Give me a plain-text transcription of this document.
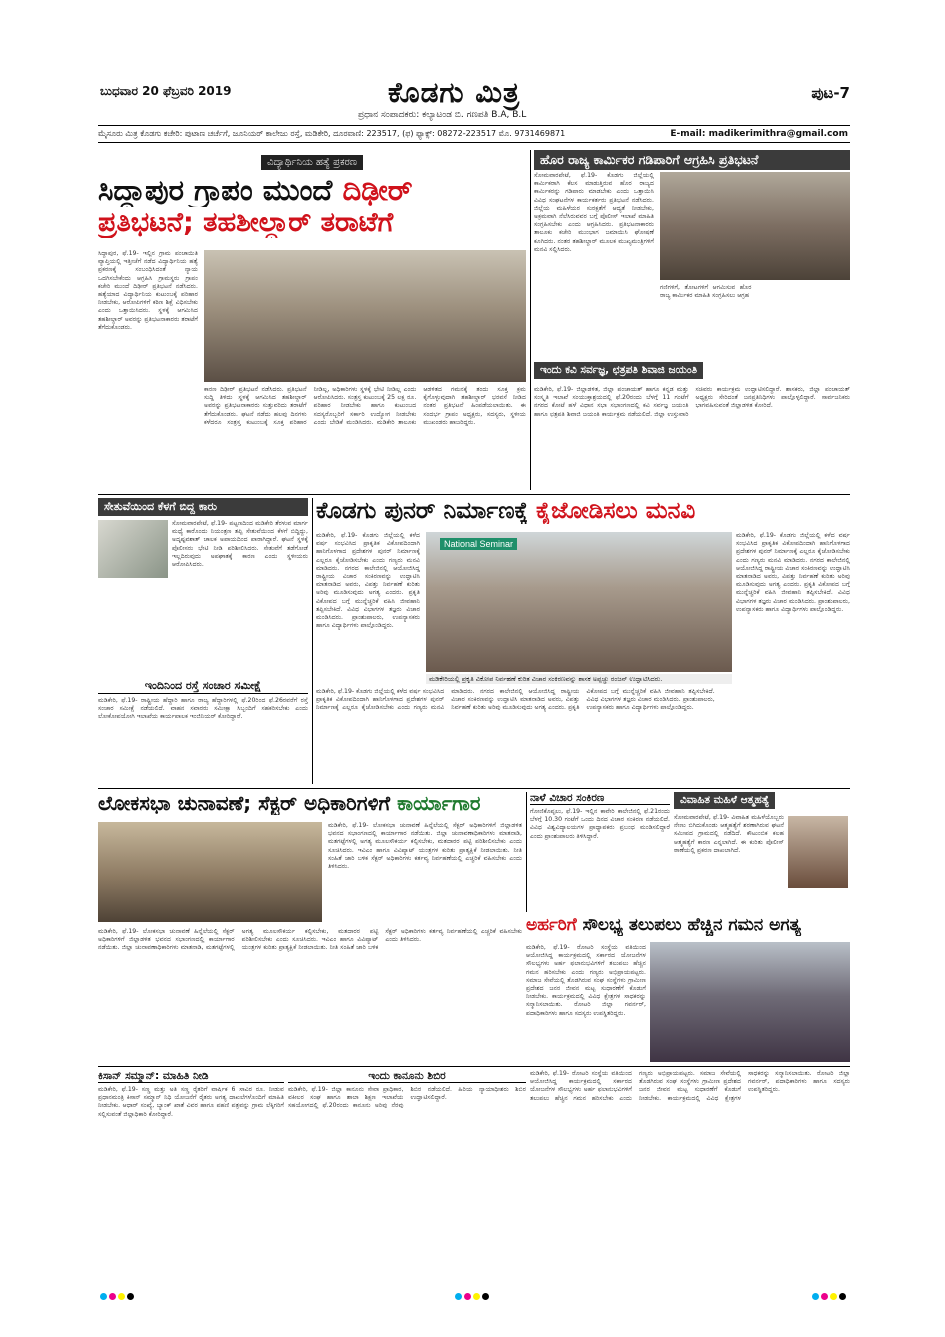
ಬುಧವಾರ 20 ಫೆಬ್ರವರಿ 2019	ಕೊಡಗು ಮಿತ್ರ
ಪ್ರಧಾನ ಸಂಪಾದಕರು: ಕಲ್ಯಾಟಂಡ ಬಿ. ಗಣಪತಿ B.A, B.L
ಪುಟ-7
ಮೈಸೂರು ಮಿತ್ರ ಕೊಡಗು ಕಚೇರಿ: ಪುಟಾಣ ಚರ್ಚೆಗೆ, ಜೂನಿಯರ್ ಕಾಲೇಜು ರಸ್ತೆ, ಮಡಿಕೇರಿ, ದೂರವಾಣಿ: 223517, (ಫ) ಫ್ಯಾಕ್ಸ್: 08272-223517 ಮೊ. 9731469871	E-mail: madikerimithra@gmail.com
ವಿದ್ಯಾರ್ಥಿನಿಯ ಹತ್ಯೆ ಪ್ರಕರಣ
ಸಿದ್ದಾಪುರ ಗ್ರಾಪಂ ಮುಂದೆ ದಿಢೀರ್
ಪ್ರತಿಭಟನೆ; ತಹಶೀಲ್ದಾರ್ ತರಾಟೆಗೆ
ಸಿದ್ದಾಪುರ, ಫೆ.19- ಇಲ್ಲಿನ ಗ್ರಾಮ ಪಂಚಾಯಿತಿ ವ್ಯಾಪ್ತಿಯಲ್ಲಿ ಇತ್ತೀಚೆಗೆ ನಡೆದ ವಿದ್ಯಾರ್ಥಿನಿಯ ಹತ್ಯೆ ಪ್ರಕರಣಕ್ಕೆ ಸಂಬಂಧಿಸಿದಂತೆ ನ್ಯಾಯ ಒದಗಿಸಬೇಕೆಂದು ಆಗ್ರಹಿಸಿ ಗ್ರಾಮಸ್ಥರು ಗ್ರಾಪಂ ಕಚೇರಿ ಮುಂದೆ ದಿಢೀರ್ ಪ್ರತಿಭಟನೆ ನಡೆಸಿದರು. ಹತ್ಯೆಯಾದ ವಿದ್ಯಾರ್ಥಿನಿಯ ಕುಟುಂಬಕ್ಕೆ ಪರಿಹಾರ ನೀಡಬೇಕು, ಆರೋಪಿಗಳಿಗೆ ಕಠಿಣ ಶಿಕ್ಷೆ ವಿಧಿಸಬೇಕು ಎಂದು ಒತ್ತಾಯಿಸಿದರು. ಸ್ಥಳಕ್ಕೆ ಆಗಮಿಸಿದ ತಹಶೀಲ್ದಾರ್ ಅವರನ್ನು ಪ್ರತಿಭಟನಾಕಾರರು ತರಾಟೆಗೆ ತೆಗೆದುಕೊಂಡರು.
ಕಾರಣ ದಿಢೀರ್ ಪ್ರತಿಭಟನೆ ನಡೆಸಿದರು. ಪ್ರತಿಭಟನೆ ಸುದ್ದಿ ತಿಳಿದು ಸ್ಥಳಕ್ಕೆ ಆಗಮಿಸಿದ ತಹಶೀಲ್ದಾರ್ ಅವರನ್ನು ಪ್ರತಿಭಟನಾಕಾರರು ಸುತ್ತುವರಿದು ತರಾಟೆಗೆ ತೆಗೆದುಕೊಂಡರು. ಘಟನೆ ನಡೆದು ಹಲವು ದಿನಗಳು ಕಳೆದರೂ ಸಂತ್ರಸ್ತ ಕುಟುಂಬಕ್ಕೆ ಸೂಕ್ತ ಪರಿಹಾರ ನೀಡಿಲ್ಲ, ಅಧಿಕಾರಿಗಳು ಸ್ಥಳಕ್ಕೆ ಭೇಟಿ ನೀಡಿಲ್ಲ ಎಂದು ಆರೋಪಿಸಿದರು. ಸಂತ್ರಸ್ತ ಕುಟುಂಬಕ್ಕೆ 25 ಲಕ್ಷ ರೂ. ಪರಿಹಾರ ನೀಡಬೇಕು ಹಾಗೂ ಕುಟುಂಬದ ಸದಸ್ಯರೊಬ್ಬರಿಗೆ ಸರ್ಕಾರಿ ಉದ್ಯೋಗ ನೀಡಬೇಕು ಎಂದು ಬೇಡಿಕೆ ಮಂಡಿಸಿದರು. ಮಡಿಕೇರಿ ತಾಲೂಕು ಆಡಳಿತದ ಗಮನಕ್ಕೆ ತಂದು ಸೂಕ್ತ ಕ್ರಮ ಕೈಗೊಳ್ಳುವುದಾಗಿ ತಹಶೀಲ್ದಾರ್ ಭರವಸೆ ನೀಡಿದ ನಂತರ ಪ್ರತಿಭಟನೆ ಹಿಂಪಡೆಯಲಾಯಿತು. ಈ ಸಂದರ್ಭ ಗ್ರಾಪಂ ಅಧ್ಯಕ್ಷರು, ಸದಸ್ಯರು, ಸ್ಥಳೀಯ ಮುಖಂಡರು ಹಾಜರಿದ್ದರು.
ಹೊರ ರಾಜ್ಯ ಕಾರ್ಮಿಕರ ಗಡಿಪಾರಿಗೆ ಆಗ್ರಹಿಸಿ ಪ್ರತಿಭಟನೆ
ಸೋಮವಾರಪೇಟೆ, ಫೆ.19- ಕೊಡಗು ಜಿಲ್ಲೆಯಲ್ಲಿ ಕಾರ್ಮಿಕರಾಗಿ ಕೆಲಸ ಮಾಡುತ್ತಿರುವ ಹೊರ ರಾಜ್ಯದ ಕಾರ್ಮಿಕರನ್ನು ಗಡಿಪಾರು ಮಾಡಬೇಕು ಎಂದು ಒತ್ತಾಯಿಸಿ ವಿವಿಧ ಸಂಘಟನೆಗಳ ಕಾರ್ಯಕರ್ತರು ಪ್ರತಿಭಟನೆ ನಡೆಸಿದರು. ಜಿಲ್ಲೆಯ ಮಹಿಳೆಯರ ಸುರಕ್ಷತೆಗೆ ಆದ್ಯತೆ ನೀಡಬೇಕು, ಅಕ್ರಮವಾಗಿ ನೆಲೆಸಿರುವವರ ಬಗ್ಗೆ ಪೊಲೀಸ್ ಇಲಾಖೆ ಮಾಹಿತಿ ಸಂಗ್ರಹಿಸಬೇಕು ಎಂದು ಆಗ್ರಹಿಸಿದರು. ಪ್ರತಿಭಟನಾಕಾರರು ತಾಲೂಕು ಕಚೇರಿ ಮುಂಭಾಗ ಜಮಾಯಿಸಿ ಘೋಷಣೆ ಕೂಗಿದರು. ನಂತರ ತಹಶೀಲ್ದಾರ್ ಮೂಲಕ ಮುಖ್ಯಮಂತ್ರಿಗಳಿಗೆ ಮನವಿ ಸಲ್ಲಿಸಿದರು.
ಗಣಿಗಳಿಗೆ, ತೋಟಗಳಿಗೆ ಆಗಮಿಸುವ ಹೊರ ರಾಜ್ಯ ಕಾರ್ಮಿಕರ ಮಾಹಿತಿ ಸಂಗ್ರಹಿಸಲು ಆಗ್ರಹ
ಇಂದು ಕವಿ ಸರ್ವಜ್ಞ, ಛತ್ರಪತಿ ಶಿವಾಜಿ ಜಯಂತಿ
ಮಡಿಕೇರಿ, ಫೆ.19- ಜಿಲ್ಲಾಡಳಿತ, ಜಿಲ್ಲಾ ಪಂಚಾಯತ್ ಹಾಗೂ ಕನ್ನಡ ಮತ್ತು ಸಂಸ್ಕೃತಿ ಇಲಾಖೆ ಸಂಯುಕ್ತಾಶ್ರಯದಲ್ಲಿ ಫೆ.20ರಂದು ಬೆಳಗ್ಗೆ 11 ಗಂಟೆಗೆ ನಗರದ ಕೋಟೆ ಹಳೆ ವಿಧಾನ ಸಭಾ ಸಭಾಂಗಣದಲ್ಲಿ ಕವಿ ಸರ್ವಜ್ಞ ಜಯಂತಿ ಹಾಗೂ ಛತ್ರಪತಿ ಶಿವಾಜಿ ಜಯಂತಿ ಕಾರ್ಯಕ್ರಮ ನಡೆಯಲಿದೆ. ಜಿಲ್ಲಾ ಉಸ್ತುವಾರಿ ಸಚಿವರು ಕಾರ್ಯಕ್ರಮ ಉದ್ಘಾಟಿಸಲಿದ್ದಾರೆ. ಶಾಸಕರು, ಜಿಲ್ಲಾ ಪಂಚಾಯತ್ ಅಧ್ಯಕ್ಷರು ಸೇರಿದಂತೆ ಜನಪ್ರತಿನಿಧಿಗಳು ಪಾಲ್ಗೊಳ್ಳಲಿದ್ದಾರೆ. ಸಾರ್ವಜನಿಕರು ಭಾಗವಹಿಸುವಂತೆ ಜಿಲ್ಲಾಡಳಿತ ಕೋರಿದೆ.
ಸೇತುವೆಯಿಂದ ಕೆಳಗೆ ಬಿದ್ದ ಕಾರು
ಸೋಮವಾರಪೇಟೆ, ಫೆ.19- ಪಟ್ಟಣದಿಂದ ಮಡಿಕೇರಿ ತೆರಳುವ ಮಾರ್ಗ ಮಧ್ಯೆ ಕಾರೊಂದು ನಿಯಂತ್ರಣ ತಪ್ಪಿ ಸೇತುವೆಯಿಂದ ಕೆಳಗೆ ಬಿದ್ದಿದ್ದು, ಅದೃಷ್ಟವಶಾತ್ ಚಾಲಕ ಅಪಾಯದಿಂದ ಪಾರಾಗಿದ್ದಾರೆ. ಘಟನೆ ಸ್ಥಳಕ್ಕೆ ಪೊಲೀಸರು ಭೇಟಿ ನೀಡಿ ಪರಿಶೀಲಿಸಿದರು. ಸೇತುವೆಗೆ ತಡೆಗೋಡೆ ಇಲ್ಲದಿರುವುದು ಅಪಘಾತಕ್ಕೆ ಕಾರಣ ಎಂದು ಸ್ಥಳೀಯರು ಆರೋಪಿಸಿದರು.
ಇಂದಿನಿಂದ ರಸ್ತೆ ಸಂಚಾರ ಸಮೀಕ್ಷೆ
ಮಡಿಕೇರಿ, ಫೆ.19- ರಾಷ್ಟ್ರೀಯ ಹೆದ್ದಾರಿ ಹಾಗೂ ರಾಜ್ಯ ಹೆದ್ದಾರಿಗಳಲ್ಲಿ ಫೆ.20ರಿಂದ ಫೆ.26ರವರೆಗೆ ರಸ್ತೆ ಸಂಚಾರ ಸಮೀಕ್ಷೆ ನಡೆಯಲಿದೆ. ವಾಹನ ಸವಾರರು ಸಮೀಕ್ಷಾ ಸಿಬ್ಬಂದಿಗೆ ಸಹಕರಿಸಬೇಕು ಎಂದು ಲೋಕೋಪಯೋಗಿ ಇಲಾಖೆಯ ಕಾರ್ಯಪಾಲಕ ಇಂಜಿನಿಯರ್ ಕೋರಿದ್ದಾರೆ.
ಕೊಡಗು ಪುನರ್ ನಿರ್ಮಾಣಕ್ಕೆ ಕೈಜೋಡಿಸಲು ಮನವಿ
ಮಡಿಕೇರಿ, ಫೆ.19- ಕೊಡಗು ಜಿಲ್ಲೆಯಲ್ಲಿ ಕಳೆದ ವರ್ಷ ಸಂಭವಿಸಿದ ಪ್ರಾಕೃತಿಕ ವಿಕೋಪದಿಂದಾಗಿ ಹಾನಿಗೊಳಗಾದ ಪ್ರದೇಶಗಳ ಪುನರ್ ನಿರ್ಮಾಣಕ್ಕೆ ಎಲ್ಲರೂ ಕೈಜೋಡಿಸಬೇಕು ಎಂದು ಗಣ್ಯರು ಮನವಿ ಮಾಡಿದರು. ನಗರದ ಕಾಲೇಜಿನಲ್ಲಿ ಆಯೋಜಿಸಿದ್ದ ರಾಷ್ಟ್ರೀಯ ವಿಚಾರ ಸಂಕಿರಣವನ್ನು ಉದ್ಘಾಟಿಸಿ ಮಾತನಾಡಿದ ಅವರು, ವಿಪತ್ತು ನಿರ್ವಹಣೆ ಕುರಿತು ಅರಿವು ಮೂಡಿಸುವುದು ಅಗತ್ಯ ಎಂದರು. ಪ್ರಕೃತಿ ವಿಕೋಪದ ಬಗ್ಗೆ ಮುನ್ನೆಚ್ಚರಿಕೆ ವಹಿಸಿ ಜೀವಹಾನಿ ತಪ್ಪಿಸಬೇಕಿದೆ. ವಿವಿಧ ವಿಭಾಗಗಳ ತಜ್ಞರು ವಿಚಾರ ಮಂಡಿಸಿದರು. ಪ್ರಾಂಶುಪಾಲರು, ಉಪನ್ಯಾಸಕರು ಹಾಗೂ ವಿದ್ಯಾರ್ಥಿಗಳು ಪಾಲ್ಗೊಂಡಿದ್ದರು.
National Seminar
ಮಡಿಕೇರಿಯಲ್ಲಿ ಪ್ರಕೃತಿ ವಿಕೋಪ ನಿರ್ವಹಣೆ ಕುರಿತ ವಿಚಾರ ಸಂಕಿರಣವನ್ನು ಶಾಸಕ ಅಪ್ಪಚ್ಚು ರಂಜನ್ ಉದ್ಘಾಟಿಸಿದರು.
ಮಡಿಕೇರಿ, ಫೆ.19- ಕೊಡಗು ಜಿಲ್ಲೆಯಲ್ಲಿ ಕಳೆದ ವರ್ಷ ಸಂಭವಿಸಿದ ಪ್ರಾಕೃತಿಕ ವಿಕೋಪದಿಂದಾಗಿ ಹಾನಿಗೊಳಗಾದ ಪ್ರದೇಶಗಳ ಪುನರ್ ನಿರ್ಮಾಣಕ್ಕೆ ಎಲ್ಲರೂ ಕೈಜೋಡಿಸಬೇಕು ಎಂದು ಗಣ್ಯರು ಮನವಿ ಮಾಡಿದರು. ನಗರದ ಕಾಲೇಜಿನಲ್ಲಿ ಆಯೋಜಿಸಿದ್ದ ರಾಷ್ಟ್ರೀಯ ವಿಚಾರ ಸಂಕಿರಣವನ್ನು ಉದ್ಘಾಟಿಸಿ ಮಾತನಾಡಿದ ಅವರು, ವಿಪತ್ತು ನಿರ್ವಹಣೆ ಕುರಿತು ಅರಿವು ಮೂಡಿಸುವುದು ಅಗತ್ಯ ಎಂದರು. ಪ್ರಕೃತಿ ವಿಕೋಪದ ಬಗ್ಗೆ ಮುನ್ನೆಚ್ಚರಿಕೆ ವಹಿಸಿ ಜೀವಹಾನಿ ತಪ್ಪಿಸಬೇಕಿದೆ. ವಿವಿಧ ವಿಭಾಗಗಳ ತಜ್ಞರು ವಿಚಾರ ಮಂಡಿಸಿದರು. ಪ್ರಾಂಶುಪಾಲರು, ಉಪನ್ಯಾಸಕರು ಹಾಗೂ ವಿದ್ಯಾರ್ಥಿಗಳು ಪಾಲ್ಗೊಂಡಿದ್ದರು.
ಮಡಿಕೇರಿ, ಫೆ.19- ಕೊಡಗು ಜಿಲ್ಲೆಯಲ್ಲಿ ಕಳೆದ ವರ್ಷ ಸಂಭವಿಸಿದ ಪ್ರಾಕೃತಿಕ ವಿಕೋಪದಿಂದಾಗಿ ಹಾನಿಗೊಳಗಾದ ಪ್ರದೇಶಗಳ ಪುನರ್ ನಿರ್ಮಾಣಕ್ಕೆ ಎಲ್ಲರೂ ಕೈಜೋಡಿಸಬೇಕು ಎಂದು ಗಣ್ಯರು ಮನವಿ ಮಾಡಿದರು. ನಗರದ ಕಾಲೇಜಿನಲ್ಲಿ ಆಯೋಜಿಸಿದ್ದ ರಾಷ್ಟ್ರೀಯ ವಿಚಾರ ಸಂಕಿರಣವನ್ನು ಉದ್ಘಾಟಿಸಿ ಮಾತನಾಡಿದ ಅವರು, ವಿಪತ್ತು ನಿರ್ವಹಣೆ ಕುರಿತು ಅರಿವು ಮೂಡಿಸುವುದು ಅಗತ್ಯ ಎಂದರು. ಪ್ರಕೃತಿ ವಿಕೋಪದ ಬಗ್ಗೆ ಮುನ್ನೆಚ್ಚರಿಕೆ ವಹಿಸಿ ಜೀವಹಾನಿ ತಪ್ಪಿಸಬೇಕಿದೆ. ವಿವಿಧ ವಿಭಾಗಗಳ ತಜ್ಞರು ವಿಚಾರ ಮಂಡಿಸಿದರು. ಪ್ರಾಂಶುಪಾಲರು, ಉಪನ್ಯಾಸಕರು ಹಾಗೂ ವಿದ್ಯಾರ್ಥಿಗಳು ಪಾಲ್ಗೊಂಡಿದ್ದರು.
ಲೋಕಸಭಾ ಚುನಾವಣೆ; ಸೆಕ್ಟರ್ ಅಧಿಕಾರಿಗಳಿಗೆ ಕಾರ್ಯಾಗಾರ
ಮಡಿಕೇರಿ, ಫೆ.19- ಲೋಕಸಭಾ ಚುನಾವಣೆ ಹಿನ್ನೆಲೆಯಲ್ಲಿ ಸೆಕ್ಟರ್ ಅಧಿಕಾರಿಗಳಿಗೆ ಜಿಲ್ಲಾಡಳಿತ ಭವನದ ಸಭಾಂಗಣದಲ್ಲಿ ಕಾರ್ಯಾಗಾರ ನಡೆಯಿತು. ಜಿಲ್ಲಾ ಚುನಾವಣಾಧಿಕಾರಿಗಳು ಮಾತನಾಡಿ, ಮತಗಟ್ಟೆಗಳಲ್ಲಿ ಅಗತ್ಯ ಮೂಲಸೌಕರ್ಯ ಕಲ್ಪಿಸಬೇಕು, ಮತದಾರರ ಪಟ್ಟಿ ಪರಿಶೀಲಿಸಬೇಕು ಎಂದು ಸೂಚಿಸಿದರು. ಇವಿಎಂ ಹಾಗೂ ವಿವಿಪ್ಯಾಟ್ ಯಂತ್ರಗಳ ಕುರಿತು ಪ್ರಾತ್ಯಕ್ಷಿಕೆ ನೀಡಲಾಯಿತು. ನೀತಿ ಸಂಹಿತೆ ಜಾರಿ ಬಳಿಕ ಸೆಕ್ಟರ್ ಅಧಿಕಾರಿಗಳು ಕರ್ತವ್ಯ ನಿರ್ವಹಣೆಯಲ್ಲಿ ಎಚ್ಚರಿಕೆ ವಹಿಸಬೇಕು ಎಂದು ತಿಳಿಸಿದರು.
ಮಡಿಕೇರಿ, ಫೆ.19- ಲೋಕಸಭಾ ಚುನಾವಣೆ ಹಿನ್ನೆಲೆಯಲ್ಲಿ ಸೆಕ್ಟರ್ ಅಧಿಕಾರಿಗಳಿಗೆ ಜಿಲ್ಲಾಡಳಿತ ಭವನದ ಸಭಾಂಗಣದಲ್ಲಿ ಕಾರ್ಯಾಗಾರ ನಡೆಯಿತು. ಜಿಲ್ಲಾ ಚುನಾವಣಾಧಿಕಾರಿಗಳು ಮಾತನಾಡಿ, ಮತಗಟ್ಟೆಗಳಲ್ಲಿ ಅಗತ್ಯ ಮೂಲಸೌಕರ್ಯ ಕಲ್ಪಿಸಬೇಕು, ಮತದಾರರ ಪಟ್ಟಿ ಪರಿಶೀಲಿಸಬೇಕು ಎಂದು ಸೂಚಿಸಿದರು. ಇವಿಎಂ ಹಾಗೂ ವಿವಿಪ್ಯಾಟ್ ಯಂತ್ರಗಳ ಕುರಿತು ಪ್ರಾತ್ಯಕ್ಷಿಕೆ ನೀಡಲಾಯಿತು. ನೀತಿ ಸಂಹಿತೆ ಜಾರಿ ಬಳಿಕ ಸೆಕ್ಟರ್ ಅಧಿಕಾರಿಗಳು ಕರ್ತವ್ಯ ನಿರ್ವಹಣೆಯಲ್ಲಿ ಎಚ್ಚರಿಕೆ ವಹಿಸಬೇಕು ಎಂದು ತಿಳಿಸಿದರು.
ನಾಳೆ ವಿಚಾರ ಸಂಕಿರಣ
ಗೋಣಿಕೊಪ್ಪಲು, ಫೆ.19- ಇಲ್ಲಿನ ಕಾವೇರಿ ಕಾಲೇಜಿನಲ್ಲಿ ಫೆ.21ರಂದು ಬೆಳಗ್ಗೆ 10.30 ಗಂಟೆಗೆ ಒಂದು ದಿನದ ವಿಚಾರ ಸಂಕಿರಣ ನಡೆಯಲಿದೆ. ವಿವಿಧ ವಿಶ್ವವಿದ್ಯಾಲಯಗಳ ಪ್ರಾಧ್ಯಾಪಕರು ಪ್ರಬಂಧ ಮಂಡಿಸಲಿದ್ದಾರೆ ಎಂದು ಪ್ರಾಂಶುಪಾಲರು ತಿಳಿಸಿದ್ದಾರೆ.
ವಿವಾಹಿತ ಮಹಿಳೆ ಆತ್ಮಹತ್ಯೆ
ಸೋಮವಾರಪೇಟೆ, ಫೆ.19- ವಿವಾಹಿತ ಮಹಿಳೆಯೊಬ್ಬರು ನೇಣು ಬಿಗಿದುಕೊಂಡು ಆತ್ಮಹತ್ಯೆಗೆ ಶರಣಾಗಿರುವ ಘಟನೆ ಸಮೀಪದ ಗ್ರಾಮದಲ್ಲಿ ನಡೆದಿದೆ. ಕೌಟುಂಬಿಕ ಕಲಹ ಆತ್ಮಹತ್ಯೆಗೆ ಕಾರಣ ಎನ್ನಲಾಗಿದೆ. ಈ ಕುರಿತು ಪೊಲೀಸ್ ಠಾಣೆಯಲ್ಲಿ ಪ್ರಕರಣ ದಾಖಲಾಗಿದೆ.
ಅರ್ಹರಿಗೆ ಸೌಲಭ್ಯ ತಲುಪಲು ಹೆಚ್ಚಿನ ಗಮನ ಅಗತ್ಯ
ಮಡಿಕೇರಿ, ಫೆ.19- ರೋಟರಿ ಸಂಸ್ಥೆಯ ವತಿಯಿಂದ ಆಯೋಜಿಸಿದ್ದ ಕಾರ್ಯಕ್ರಮದಲ್ಲಿ ಸರ್ಕಾರದ ಯೋಜನೆಗಳ ಸೌಲಭ್ಯಗಳು ಅರ್ಹ ಫಲಾನುಭವಿಗಳಿಗೆ ತಲುಪಲು ಹೆಚ್ಚಿನ ಗಮನ ಹರಿಸಬೇಕು ಎಂದು ಗಣ್ಯರು ಅಭಿಪ್ರಾಯಪಟ್ಟರು. ಸಮಾಜ ಸೇವೆಯಲ್ಲಿ ತೊಡಗಿರುವ ಸಂಘ ಸಂಸ್ಥೆಗಳು ಗ್ರಾಮೀಣ ಪ್ರದೇಶದ ಜನರ ಜೀವನ ಮಟ್ಟ ಸುಧಾರಣೆಗೆ ಕೊಡುಗೆ ನೀಡಬೇಕು. ಕಾರ್ಯಕ್ರಮದಲ್ಲಿ ವಿವಿಧ ಕ್ಷೇತ್ರಗಳ ಸಾಧಕರನ್ನು ಸನ್ಮಾನಿಸಲಾಯಿತು. ರೋಟರಿ ಜಿಲ್ಲಾ ಗವರ್ನರ್, ಪದಾಧಿಕಾರಿಗಳು ಹಾಗೂ ಸದಸ್ಯರು ಉಪಸ್ಥಿತರಿದ್ದರು.
ಕಿಸಾನ್ ಸಮ್ಮಾನ್: ಮಾಹಿತಿ ನೀಡಿ
ಮಡಿಕೇರಿ, ಫೆ.19- ಸಣ್ಣ ಮತ್ತು ಅತಿ ಸಣ್ಣ ರೈತರಿಗೆ ವಾರ್ಷಿಕ 6 ಸಾವಿರ ರೂ. ನೀಡುವ ಪ್ರಧಾನಮಂತ್ರಿ ಕಿಸಾನ್ ಸಮ್ಮಾನ್ ನಿಧಿ ಯೋಜನೆಗೆ ರೈತರು ಅಗತ್ಯ ದಾಖಲೆಗಳೊಂದಿಗೆ ಮಾಹಿತಿ ನೀಡಬೇಕು. ಆಧಾರ್ ಸಂಖ್ಯೆ, ಬ್ಯಾಂಕ್ ಖಾತೆ ವಿವರ ಹಾಗೂ ಪಹಣಿ ಪತ್ರವನ್ನು ಗ್ರಾಮ ಲೆಕ್ಕಿಗರಿಗೆ ಸಲ್ಲಿಸುವಂತೆ ಜಿಲ್ಲಾಧಿಕಾರಿ ಕೋರಿದ್ದಾರೆ.
ಇಂದು ಕಾನೂನು ಶಿಬಿರ
ಮಡಿಕೇರಿ, ಫೆ.19- ಜಿಲ್ಲಾ ಕಾನೂನು ಸೇವಾ ಪ್ರಾಧಿಕಾರ, ವಕೀಲರ ಸಂಘ ಹಾಗೂ ಶಾಲಾ ಶಿಕ್ಷಣ ಇಲಾಖೆಯ ಸಹಯೋಗದಲ್ಲಿ ಫೆ.20ರಂದು ಕಾನೂನು ಅರಿವು ನೆರವು ಶಿಬಿರ ನಡೆಯಲಿದೆ. ಹಿರಿಯ ನ್ಯಾಯಾಧೀಶರು ಶಿಬಿರ ಉದ್ಘಾಟಿಸಲಿದ್ದಾರೆ.
ಮಡಿಕೇರಿ, ಫೆ.19- ರೋಟರಿ ಸಂಸ್ಥೆಯ ವತಿಯಿಂದ ಆಯೋಜಿಸಿದ್ದ ಕಾರ್ಯಕ್ರಮದಲ್ಲಿ ಸರ್ಕಾರದ ಯೋಜನೆಗಳ ಸೌಲಭ್ಯಗಳು ಅರ್ಹ ಫಲಾನುಭವಿಗಳಿಗೆ ತಲುಪಲು ಹೆಚ್ಚಿನ ಗಮನ ಹರಿಸಬೇಕು ಎಂದು ಗಣ್ಯರು ಅಭಿಪ್ರಾಯಪಟ್ಟರು. ಸಮಾಜ ಸೇವೆಯಲ್ಲಿ ತೊಡಗಿರುವ ಸಂಘ ಸಂಸ್ಥೆಗಳು ಗ್ರಾಮೀಣ ಪ್ರದೇಶದ ಜನರ ಜೀವನ ಮಟ್ಟ ಸುಧಾರಣೆಗೆ ಕೊಡುಗೆ ನೀಡಬೇಕು. ಕಾರ್ಯಕ್ರಮದಲ್ಲಿ ವಿವಿಧ ಕ್ಷೇತ್ರಗಳ ಸಾಧಕರನ್ನು ಸನ್ಮಾನಿಸಲಾಯಿತು. ರೋಟರಿ ಜಿಲ್ಲಾ ಗವರ್ನರ್, ಪದಾಧಿಕಾರಿಗಳು ಹಾಗೂ ಸದಸ್ಯರು ಉಪಸ್ಥಿತರಿದ್ದರು.
